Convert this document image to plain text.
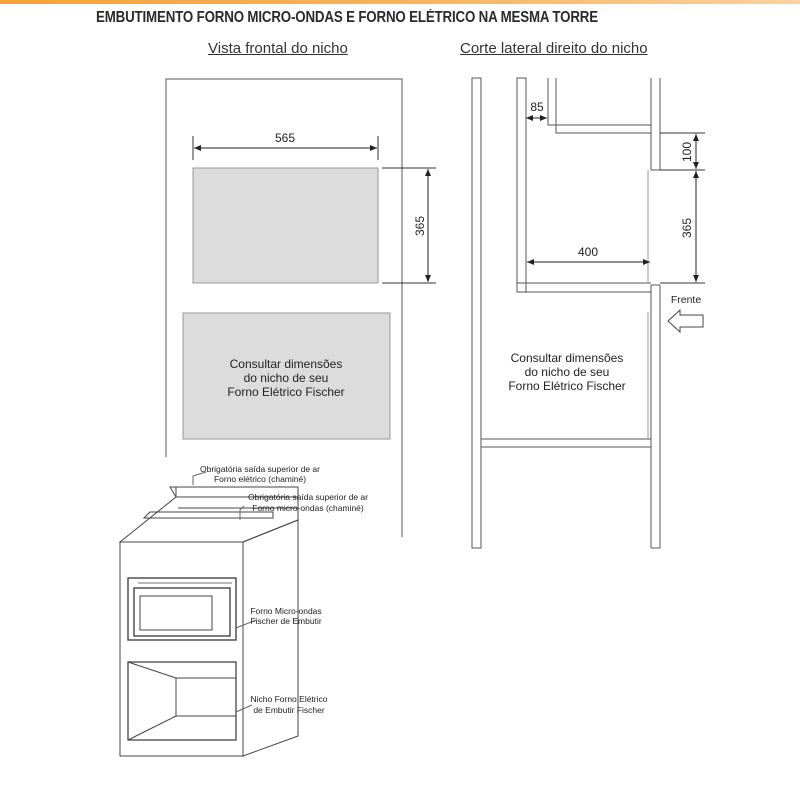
EMBUTIMENTO FORNO MICRO-ONDAS E FORNO ELÉTRICO NA MESMA TORRE
Vista frontal do nicho	Corte lateral direito do nicho
565
365
Consultar dimensões
do nicho de seu
Forno Elétrico Fischer
85
100
365
400
Frente
Consultar dimensões
do nicho de seu
Forno Elétrico Fischer
Obrigatória saída superior de ar
Forno elétrico (chaminé)
Obrigatória saída superior de ar
Forno micro-ondas (chaminé)
Forno Micro-ondas
Fischer de Embutir
Nicho Forno Elétrico
de Embutir Fischer
